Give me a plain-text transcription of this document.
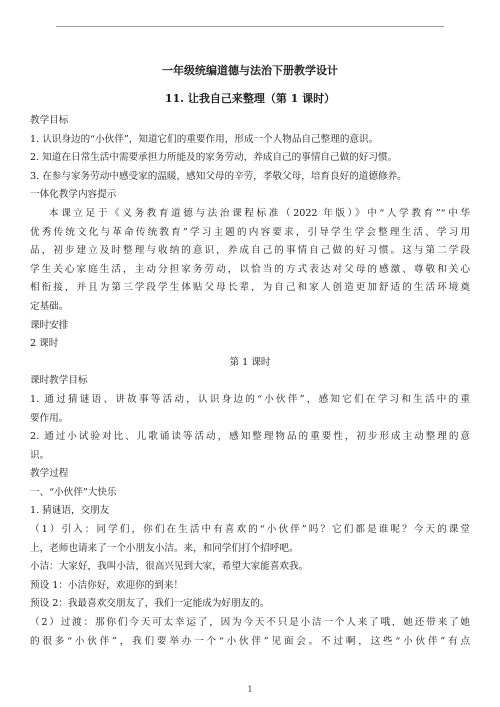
一年级统编道德与法治下册教学设计
11. 让我自己来整理（第 1 课时）
教学目标
1. 认识身边的“小伙伴”，知道它们的重要作用，形成一个人物品自己整理的意识。
2. 知道在日常生活中需要承担力所能及的家务劳动，养成自己的事情自己做的好习惯。
3. 在参与家务劳动中感受家的温暖，感知父母的辛劳，孝敬父母，培育良好的道德修养。
一体化教学内容提示
本课立足于《义务教育道德与法治课程标准（2022 年版）》中“人学教育”“中华
优秀传统文化与革命传统教育”学习主题的内容要求，引导学生学会整理生活、学习用
品，初步建立及时整理与收纳的意识，养成自己的事情自己做的好习惯。这与第二学段
学生关心家庭生活，主动分担家务劳动，以恰当的方式表达对父母的感激、尊敬和关心
相衔接，并且为第三学段学生体贴父母长辈，为自己和家人创造更加舒适的生活环境奠
定基础。
课时安排
2 课时
第 1 课时
课时教学目标
1. 通过猜谜语、讲故事等活动，认识身边的“小伙伴”，感知它们在学习和生活中的重
要作用。
2. 通过小试验对比、儿歌诵读等活动，感知整理物品的重要性，初步形成主动整理的意
识。
教学过程
一、“小伙伴”大快乐
1. 猜谜语，交朋友
（1）引入：同学们，你们在生活中有喜欢的“小伙伴”吗？它们都是谁呢？今天的课堂
上，老师也请来了一个小朋友小洁。来，和同学们打个招呼吧。
小洁：大家好，我叫小洁，很高兴见到大家，希望大家能喜欢我。
预设 1：小洁你好，欢迎你的到来！
预设 2：我最喜欢交朋友了，我们一定能成为好朋友的。
（2）过渡：那你们今天可太幸运了，因为今天不只是小洁一个人来了哦，她还带来了她
的很多“小伙伴”，我们要举办一个“小伙伴”见面会。不过啊，这些“小伙伴”有点
1
